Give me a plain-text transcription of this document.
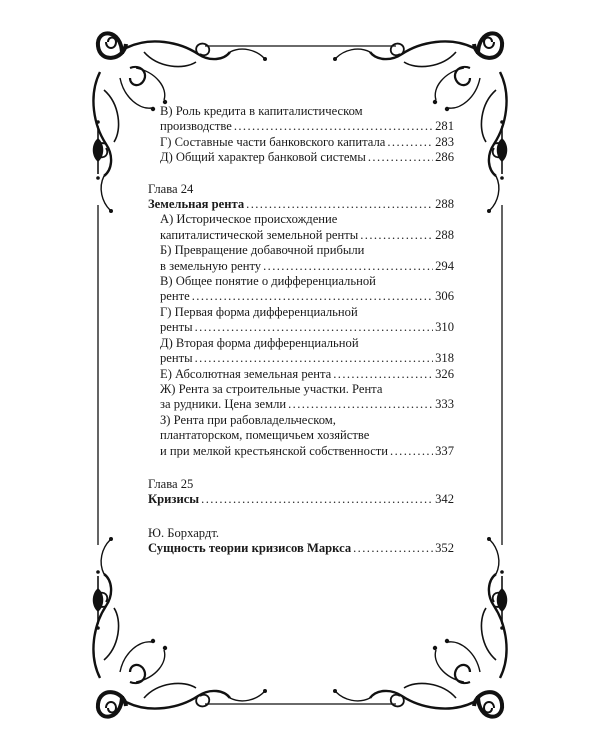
В) Роль кредита в капиталистическом
производстве .....	281
Г) Составные части банковского капитала .....	283
Д) Общий характер банковой системы .....	286
Глава 24
Земельная рента .....	288
А) Историческое происхождение
капиталистической земельной ренты .....	288
Б) Превращение добавочной прибыли
в земельную ренту .....	294
В) Общее понятие о дифференциальной
ренте .....	306
Г) Первая форма дифференциальной
ренты .....	310
Д) Вторая форма дифференциальной
ренты .....	318
Е) Абсолютная земельная рента .....	326
Ж) Рента за строительные участки. Рента
за рудники. Цена земли .....	333
З) Рента при рабовладельческом,
плантаторском, помещичьем хозяйстве
и при мелкой крестьянской собственности .....	337
Глава 25
Кризисы .....	342
Ю. Борхардт.
Сущность теории кризисов Маркса .....	352
